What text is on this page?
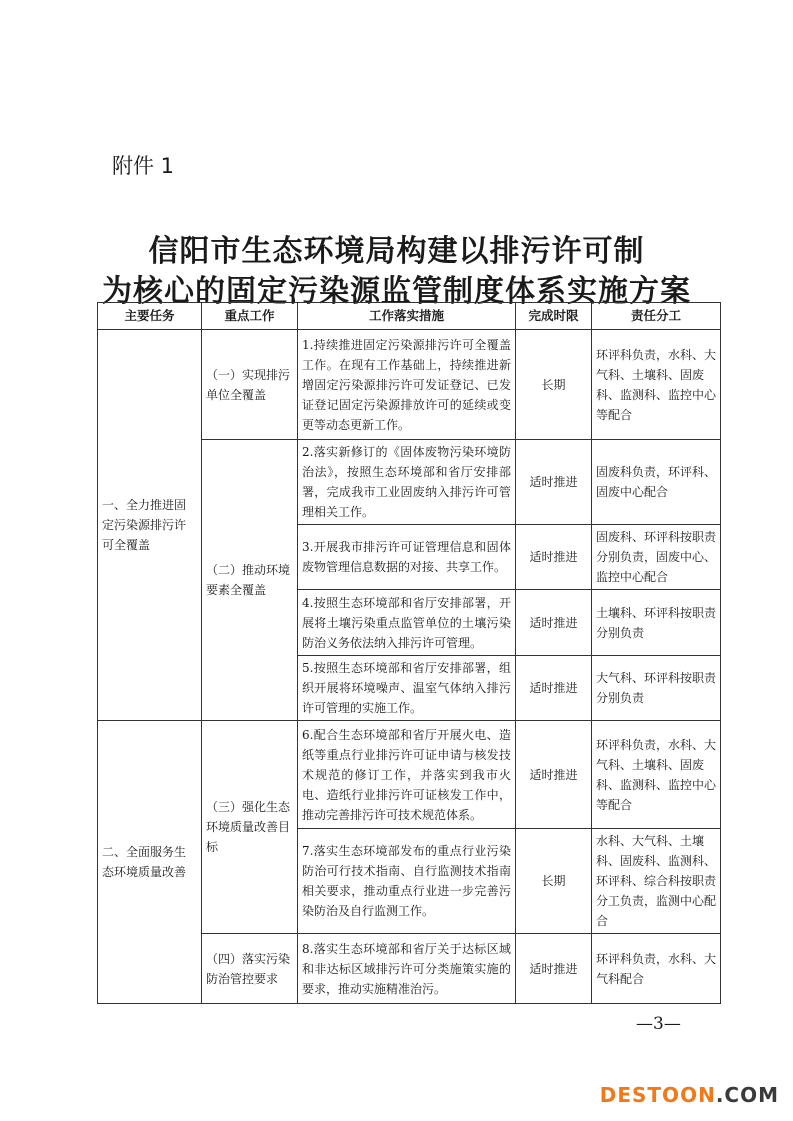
附件 1
信阳市生态环境局构建以排污许可制
为核心的固定污染源监管制度体系实施方案
主要任务	重点工作	工作落实措施	完成时限	责任分工
一、全力推进固定污染源排污许可全覆盖	（一）实现排污单位全覆盖	1.持续推进固定污染源排污许可全覆盖工作。在现有工作基础上，持续推进新增固定污染源排污许可发证登记、已发证登记固定污染源排放许可的延续或变更等动态更新工作。	长期	环评科负责，水科、大气科、土壤科、固废科、监测科、监控中心等配合
	（二）推动环境要素全覆盖	2.落实新修订的《固体废物污染环境防治法》，按照生态环境部和省厅安排部署，完成我市工业固废纳入排污许可管理相关工作。	适时推进	固废科负责，环评科、固废中心配合
		3.开展我市排污许可证管理信息和固体废物管理信息数据的对接、共享工作。	适时推进	固废科、环评科按职责分别负责，固废中心、监控中心配合
		4.按照生态环境部和省厅安排部署，开展将土壤污染重点监管单位的土壤污染防治义务依法纳入排污许可管理。	适时推进	土壤科、环评科按职责分别负责
		5.按照生态环境部和省厅安排部署，组织开展将环境噪声、温室气体纳入排污许可管理的实施工作。	适时推进	大气科、环评科按职责分别负责
二、全面服务生态环境质量改善	（三）强化生态环境质量改善目标	6.配合生态环境部和省厅开展火电、造纸等重点行业排污许可证申请与核发技术规范的修订工作，并落实到我市火电、造纸行业排污许可证核发工作中，推动完善排污许可技术规范体系。	适时推进	环评科负责，水科、大气科、土壤科、固废科、监测科、监控中心等配合
		7.落实生态环境部发布的重点行业污染防治可行技术指南、自行监测技术指南相关要求，推动重点行业进一步完善污染防治及自行监测工作。	长期	水科、大气科、土壤科、固废科、监测科、环评科、综合科按职责分工负责，监测中心配合
	（四）落实污染防治管控要求	8.落实生态环境部和省厅关于达标区域和非达标区域排污许可分类施策实施的要求，推动实施精准治污。	适时推进	环评科负责，水科、大气科配合
—3—
DESTOON.COM
